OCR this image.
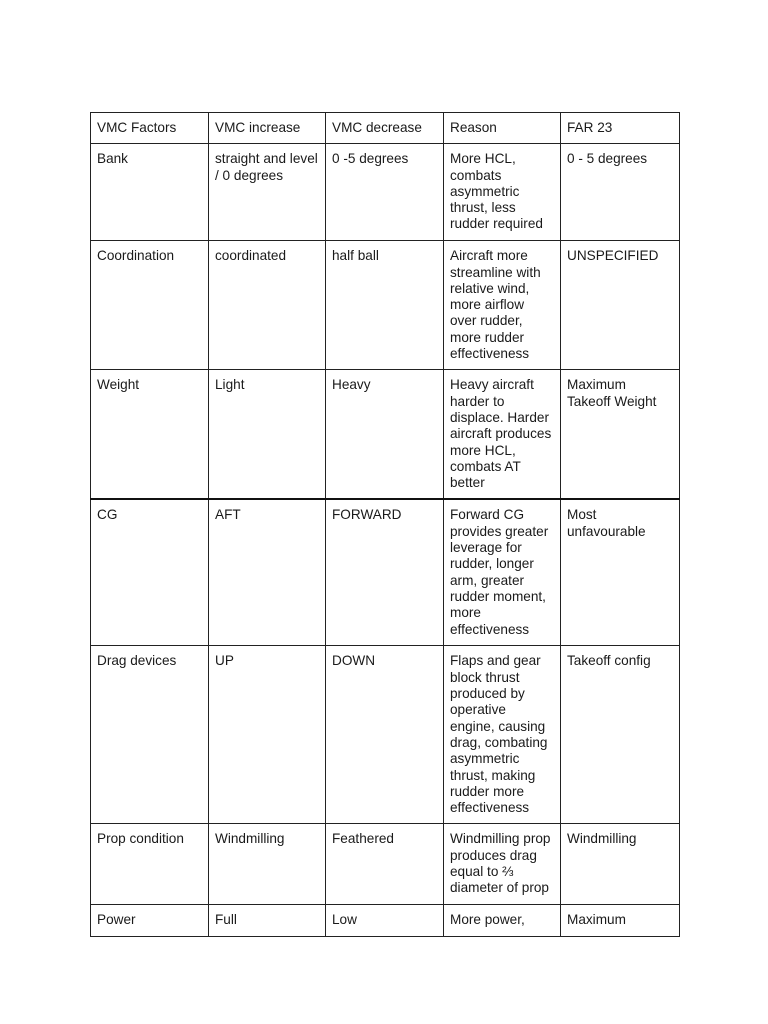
VMC Factors	VMC increase	VMC decrease	Reason	FAR 23
Bank	straight and level / 0 degrees	0 -5 degrees	More HCL, combats asymmetric thrust, less rudder required	0 - 5 degrees
Coordination	coordinated	half ball	Aircraft more streamline with relative wind, more airflow over rudder, more rudder effectiveness	UNSPECIFIED
Weight	Light	Heavy	Heavy aircraft harder to displace. Harder aircraft produces more HCL, combats AT better	Maximum Takeoff Weight
CG	AFT	FORWARD	Forward CG provides greater leverage for rudder, longer arm, greater rudder moment, more effectiveness	Most unfavourable
Drag devices	UP	DOWN	Flaps and gear block thrust produced by operative engine, causing drag, combating asymmetric thrust, making rudder more effectiveness	Takeoff config
Prop condition	Windmilling	Feathered	Windmilling prop produces drag equal to ⅔ diameter of prop	Windmilling
Power	Full	Low	More power,	Maximum
